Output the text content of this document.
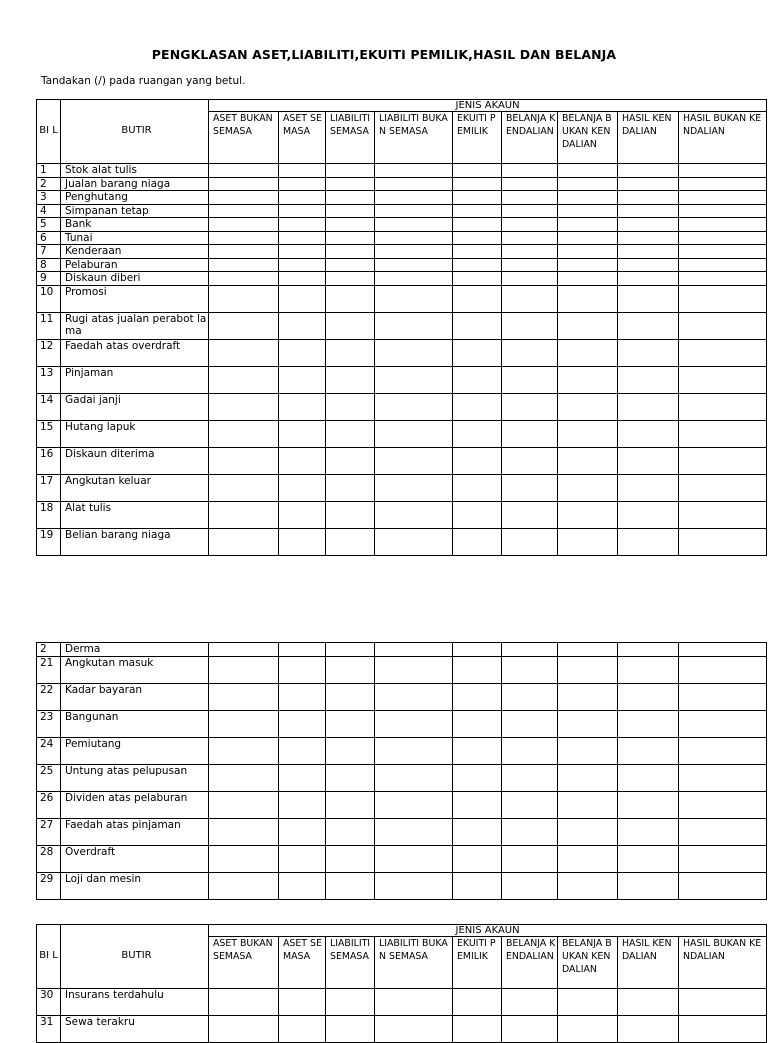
PENGKLASAN ASET,LIABILITI,EKUITI PEMILIK,HASIL DAN BELANJA
Tandakan (/) pada ruangan yang betul.
BI L	BUTIR	JENIS AKAUN								
		ASET BUKAN SEMASA	ASET SEMASA	LIABILITI SEMASA	LIABILITI BUKAN SEMASA	EKUITI PEMILIK	BELANJA KENDALIAN	BELANJA BUKAN KENDALIAN	HASIL KENDALIAN	HASIL BUKAN KENDALIAN
1	Stok alat tulis									
2	Jualan barang niaga									
3	Penghutang									
4	Simpanan tetap									
5	Bank									
6	Tunai									
7	Kenderaan									
8	Pelaburan									
9	Diskaun diberi									
10	Promosi									
11	Rugi atas jualan perabot lama									
12	Faedah atas overdraft									
13	Pinjaman									
14	Gadai janji									
15	Hutang lapuk									
16	Diskaun diterima									
17	Angkutan keluar									
18	Alat tulis									
19	Belian barang niaga									
2	Derma									
21	Angkutan masuk									
22	Kadar bayaran									
23	Bangunan									
24	Pemiutang									
25	Untung atas pelupusan									
26	Dividen atas pelaburan									
27	Faedah atas pinjaman									
28	Overdraft									
29	Loji dan mesin									
BI L	BUTIR	JENIS AKAUN								
		ASET BUKAN SEMASA	ASET SEMASA	LIABILITI SEMASA	LIABILITI BUKAN SEMASA	EKUITI PEMILIK	BELANJA KENDALIAN	BELANJA BUKAN KENDALIAN	HASIL KENDALIAN	HASIL BUKAN KENDALIAN
30	Insurans terdahulu									
31	Sewa terakru									
